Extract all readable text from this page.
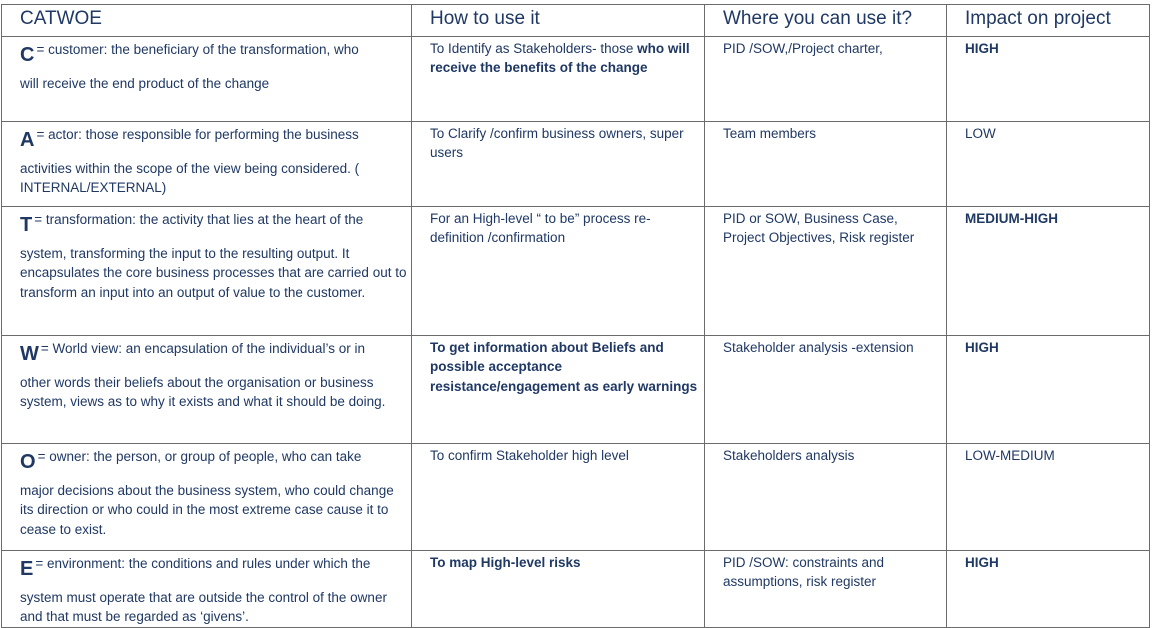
CATWOE	How to use it	Where you can use it?	Impact on project
C = customer: the beneficiary of the transformation, who
will receive the end product of the change	To Identify as Stakeholders- those who will receive the benefits of the change	PID /SOW,/Project charter,	HIGH
A = actor: those responsible for performing the business
activities within the scope of the view being considered. ( INTERNAL/EXTERNAL)	To Clarify /confirm business owners, super users	Team members	LOW
T = transformation: the activity that lies at the heart of the
system, transforming the input to the resulting output. It encapsulates the core business processes that are carried out to transform an input into an output of value to the customer.	For an High-level “ to be” process re-definition /confirmation	PID or SOW, Business Case, Project Objectives, Risk register	MEDIUM-HIGH
W = World view: an encapsulation of the individual’s or in
other words their beliefs about the organisation or business system, views as to why it exists and what it should be doing.	To get information about Beliefs and possible acceptance resistance/engagement as early warnings	Stakeholder analysis -extension	HIGH
O = owner: the person, or group of people, who can take
major decisions about the business system, who could change its direction or who could in the most extreme case cause it to cease to exist.	To confirm Stakeholder high level	Stakeholders analysis	LOW-MEDIUM
E = environment: the conditions and rules under which the
system must operate that are outside the control of the owner and that must be regarded as ‘givens’.	To map High-level risks	PID /SOW: constraints and assumptions, risk register	HIGH
